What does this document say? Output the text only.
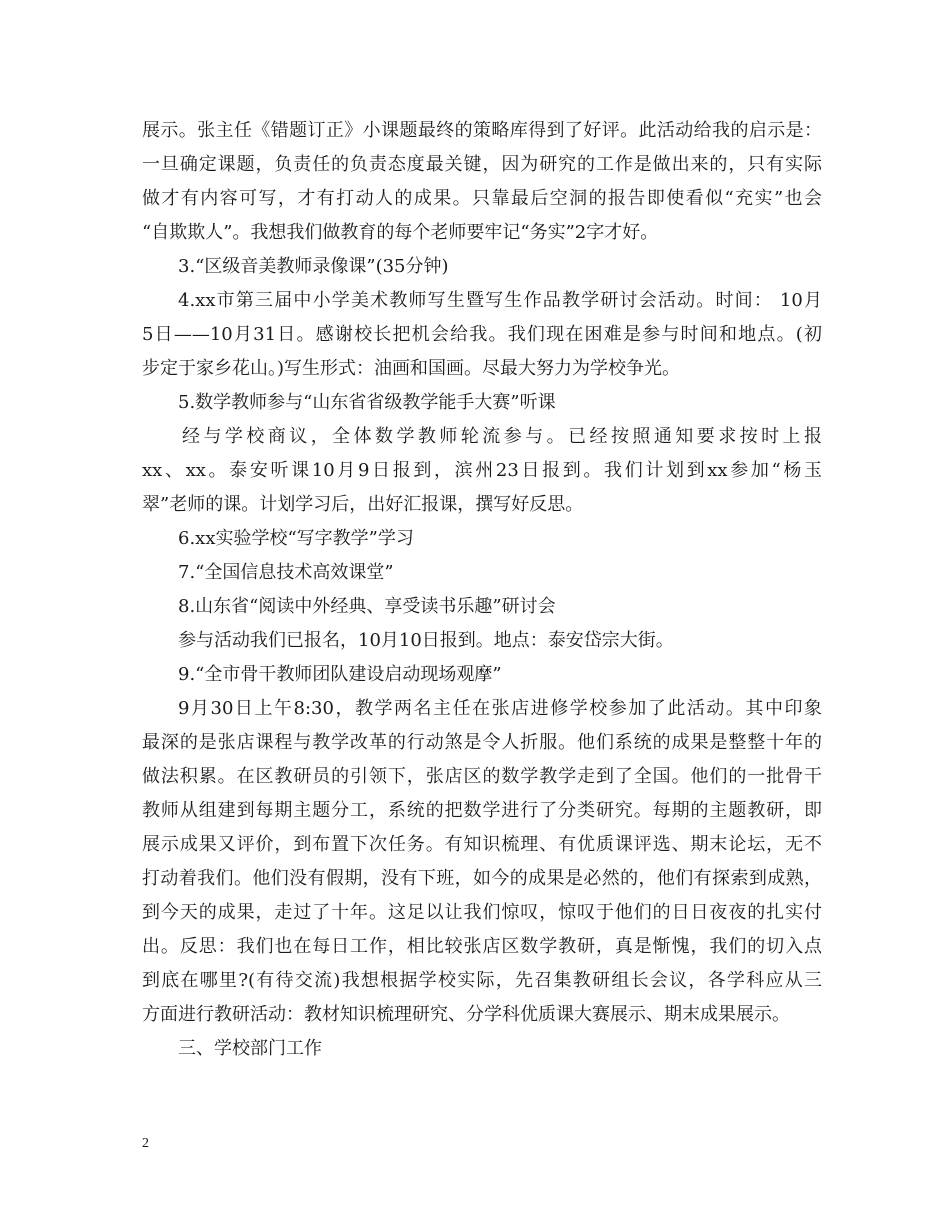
展示。张主任《错题订正》小课题最终的策略库得到了好评。此活动给我的启示是：
一旦确定课题，负责任的负责态度最关键，因为研究的工作是做出来的，只有实际
做才有内容可写，才有打动人的成果。只靠最后空洞的报告即使看似“充实”也会
“自欺欺人”。我想我们做教育的每个老师要牢记“务实”2字才好。
3.“区级音美教师录像课”(35分钟)
4.xx市第三届中小学美术教师写生暨写生作品教学研讨会活动。时间： 10月
5日——10月31日。感谢校长把机会给我。我们现在困难是参与时间和地点。(初
步定于家乡花山。)写生形式：油画和国画。尽最大努力为学校争光。
5.数学教师参与“山东省省级教学能手大赛”听课
经与学校商议，全体数学教师轮流参与。已经按照通知要求按时上报
xx、xx。泰安听课10月9日报到，滨州23日报到。我们计划到xx参加“杨玉
翠”老师的课。计划学习后，出好汇报课，撰写好反思。
6.xx实验学校“写字教学”学习
7.“全国信息技术高效课堂”
8.山东省“阅读中外经典、享受读书乐趣”研讨会
参与活动我们已报名，10月10日报到。地点：泰安岱宗大街。
9.“全市骨干教师团队建设启动现场观摩”
9月30日上午8:30，教学两名主任在张店进修学校参加了此活动。其中印象
最深的是张店课程与教学改革的行动煞是令人折服。他们系统的成果是整整十年的
做法积累。在区教研员的引领下，张店区的数学教学走到了全国。他们的一批骨干
教师从组建到每期主题分工，系统的把数学进行了分类研究。每期的主题教研，即
展示成果又评价，到布置下次任务。有知识梳理、有优质课评选、期末论坛，无不
打动着我们。他们没有假期，没有下班，如今的成果是必然的，他们有探索到成熟，
到今天的成果，走过了十年。这足以让我们惊叹，惊叹于他们的日日夜夜的扎实付
出。反思：我们也在每日工作，相比较张店区数学教研，真是惭愧，我们的切入点
到底在哪里?(有待交流)我想根据学校实际，先召集教研组长会议，各学科应从三
方面进行教研活动：教材知识梳理研究、分学科优质课大赛展示、期末成果展示。
三、学校部门工作
2
